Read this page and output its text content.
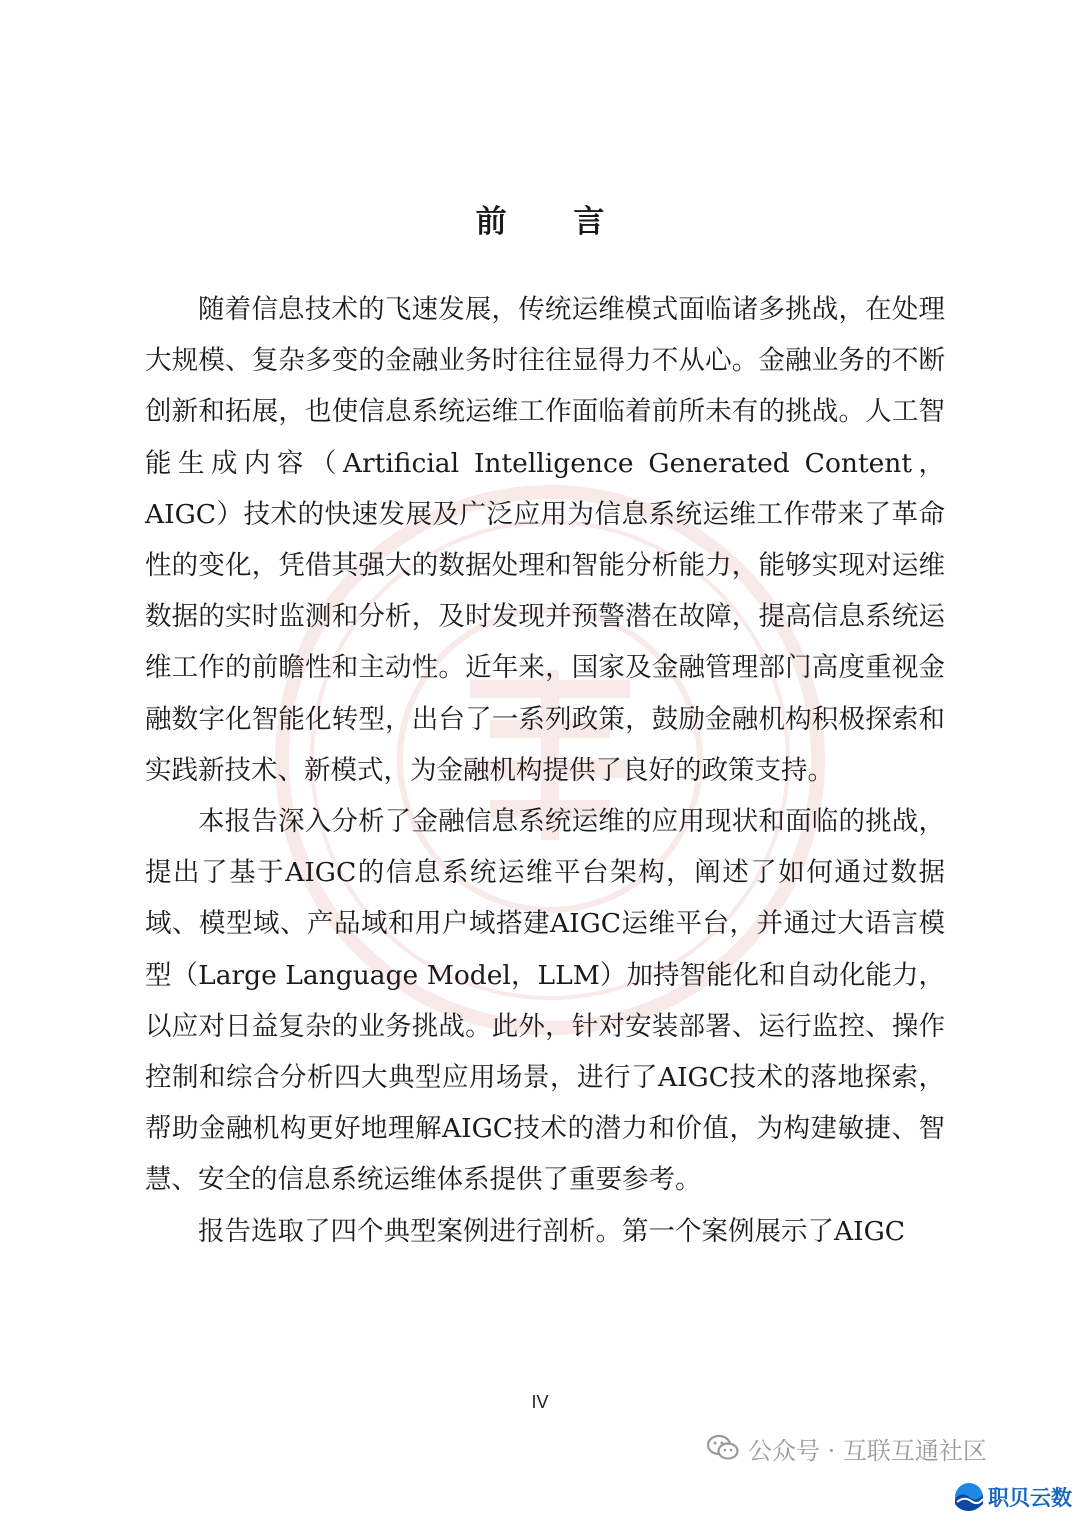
前 言

随着信息技术的飞速发展，传统运维模式面临诸多挑战，在处理大规模、复杂多变的金融业务时往往显得力不从心。金融业务的不断创新和拓展，也使信息系统运维工作面临着前所未有的挑战。人工智能生成内容（Artificial Intelligence Generated Content，AIGC）技术的快速发展及广泛应用为信息系统运维工作带来了革命性的变化，凭借其强大的数据处理和智能分析能力，能够实现对运维数据的实时监测和分析，及时发现并预警潜在故障，提高信息系统运维工作的前瞻性和主动性。近年来，国家及金融管理部门高度重视金融数字化智能化转型，出台了一系列政策，鼓励金融机构积极探索和实践新技术、新模式，为金融机构提供了良好的政策支持。

本报告深入分析了金融信息系统运维的应用现状和面临的挑战，提出了基于AIGC的信息系统运维平台架构，阐述了如何通过数据域、模型域、产品域和用户域搭建AIGC运维平台，并通过大语言模型（Large Language Model，LLM）加持智能化和自动化能力，以应对日益复杂的业务挑战。此外，针对安装部署、运行监控、操作控制和综合分析四大典型应用场景，进行了AIGC技术的落地探索，帮助金融机构更好地理解AIGC技术的潜力和价值，为构建敏捷、智慧、安全的信息系统运维体系提供了重要参考。

报告选取了四个典型案例进行剖析。第一个案例展示了AIGC

IV
公众号 · 互联互通社区
职贝云数
